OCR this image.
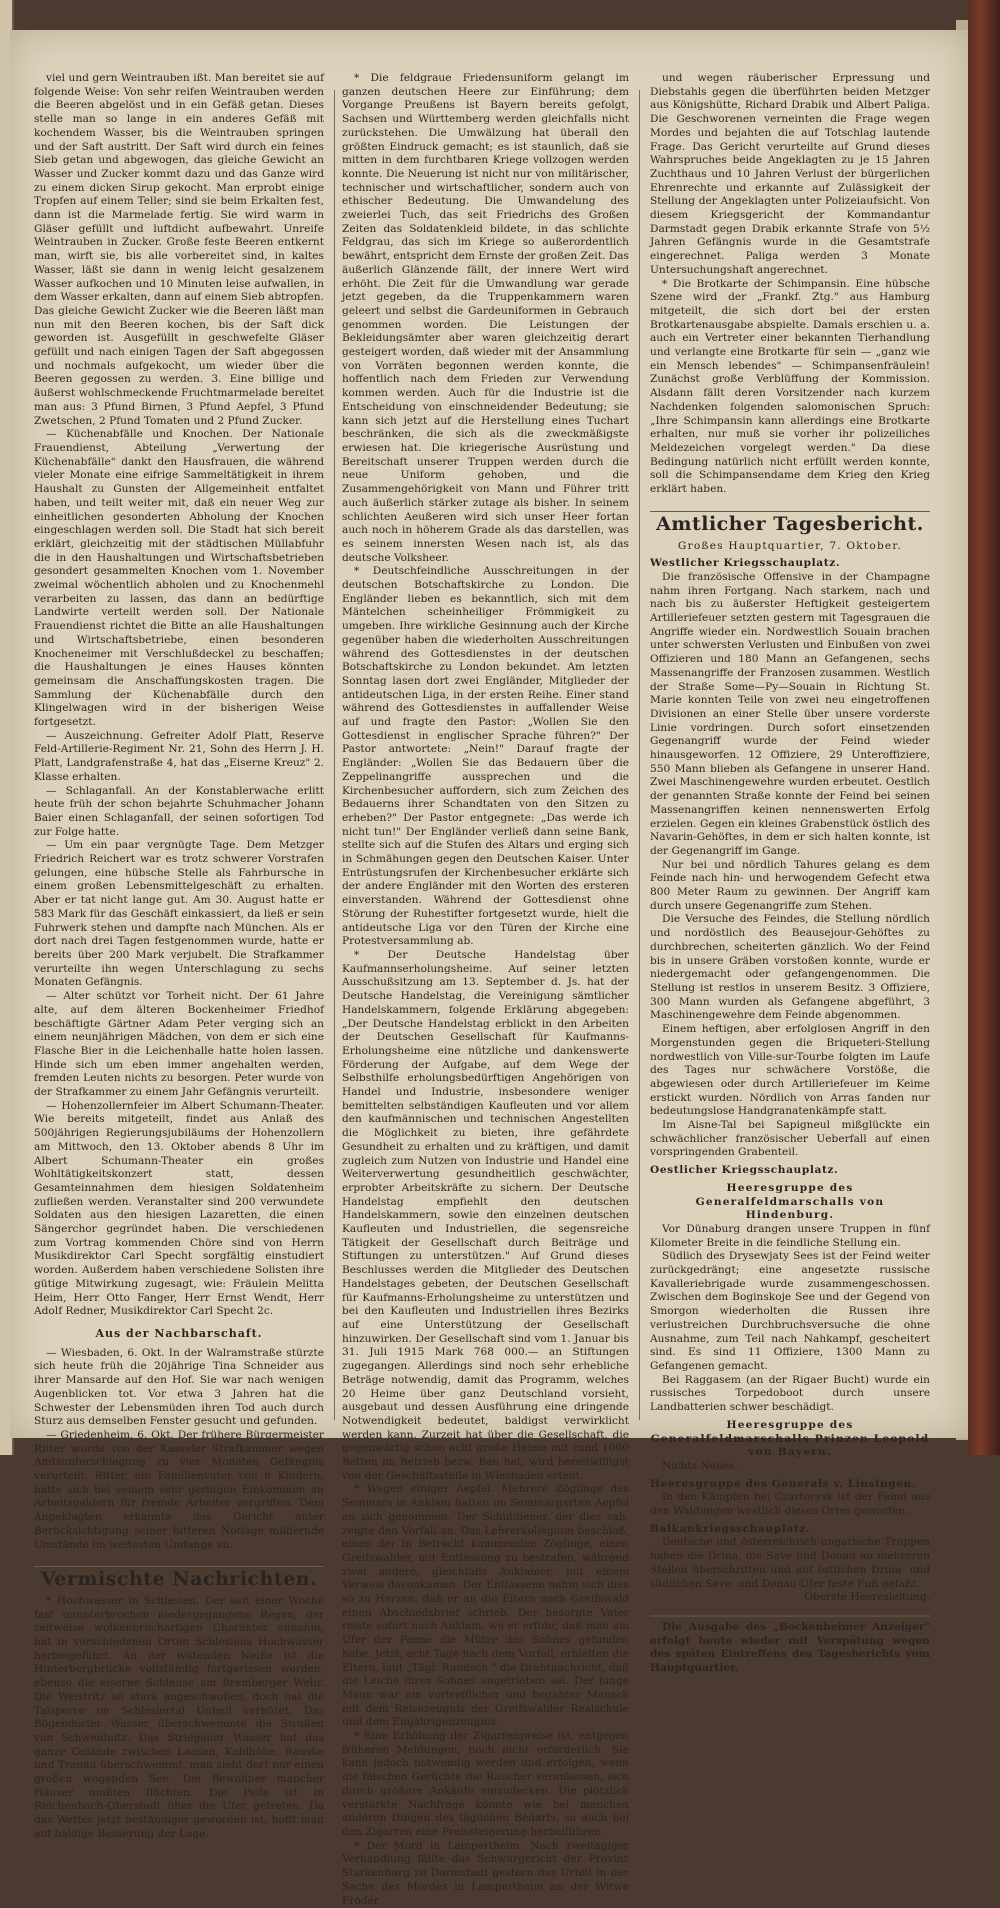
viel und gern Weintrauben ißt. Man bereitet sie auf folgende Weise: Von sehr reifen Weintrauben werden die Beeren abgelöst und in ein Gefäß getan. Dieses stelle man so lange in ein anderes Gefäß mit kochendem Wasser, bis die Weintrauben springen und der Saft austritt. Der Saft wird durch ein feines Sieb getan und abgewogen, das gleiche Gewicht an Wasser und Zucker kommt dazu und das Ganze wird zu einem dicken Sirup gekocht. Man erprobt einige Tropfen auf einem Teller; sind sie beim Erkalten fest, dann ist die Marmelade fertig. Sie wird warm in Gläser gefüllt und luftdicht aufbewahrt. Unreife Weintrauben in Zucker. Große feste Beeren entkernt man, wirft sie, bis alle vorbereitet sind, in kaltes Wasser, läßt sie dann in wenig leicht gesalzenem Wasser aufkochen und 10 Minuten leise aufwallen, in dem Wasser erkalten, dann auf einem Sieb abtropfen. Das gleiche Gewicht Zucker wie die Beeren läßt man nun mit den Beeren kochen, bis der Saft dick geworden ist. Ausgefüllt in geschwefelte Gläser gefüllt und nach einigen Tagen der Saft abgegossen und nochmals aufgekocht, um wieder über die Beeren gegossen zu werden. 3. Eine billige und äußerst wohlschmeckende Fruchtmarmelade bereitet man aus: 3 Pfund Birnen, 3 Pfund Aepfel, 3 Pfund Zwetschen, 2 Pfund Tomaten und 2 Pfund Zucker.

— Küchenabfälle und Knochen. Der Nationale Frauendienst, Abteilung „Verwertung der Küchenabfälle" dankt den Hausfrauen, die während vieler Monate eine eifrige Sammeltätigkeit in ihrem Haushalt zu Gunsten der Allgemeinheit entfaltet haben, und teilt weiter mit, daß ein neuer Weg zur einheitlichen gesonderten Abholung der Knochen eingeschlagen werden soll. Die Stadt hat sich bereit erklärt, gleichzeitig mit der städtischen Müllabfuhr die in den Haushaltungen und Wirtschaftsbetrieben gesondert gesammelten Knochen vom 1. November zweimal wöchentlich abholen und zu Knochenmehl verarbeiten zu lassen, das dann an bedürftige Landwirte verteilt werden soll. Der Nationale Frauendienst richtet die Bitte an alle Haushaltungen und Wirtschaftsbetriebe, einen besonderen Knocheneimer mit Verschlußdeckel zu beschaffen; die Haushaltungen je eines Hauses könnten gemeinsam die Anschaffungskosten tragen. Die Sammlung der Küchenabfälle durch den Klingelwagen wird in der bisherigen Weise fortgesetzt.

— Auszeichnung. Gefreiter Adolf Platt, Reserve Feld-Artillerie-Regiment Nr. 21, Sohn des Herrn J. H. Platt, Landgrafenstraße 4, hat das „Eiserne Kreuz" 2. Klasse erhalten.

— Schlaganfall. An der Konstablerwache erlitt heute früh der schon bejahrte Schuhmacher Johann Baier einen Schlaganfall, der seinen sofortigen Tod zur Folge hatte.

— Um ein paar vergnügte Tage. Dem Metzger Friedrich Reichert war es trotz schwerer Vorstrafen gelungen, eine hübsche Stelle als Fahrbursche in einem großen Lebensmittelgeschäft zu erhalten. Aber er tat nicht lange gut. Am 30. August hatte er 583 Mark für das Geschäft einkassiert, da ließ er sein Fuhrwerk stehen und dampfte nach München. Als er dort nach drei Tagen festgenommen wurde, hatte er bereits über 200 Mark verjubelt. Die Strafkammer verurteilte ihn wegen Unterschlagung zu sechs Monaten Gefängnis.

— Alter schützt vor Torheit nicht. Der 61 Jahre alte, auf dem älteren Bockenheimer Friedhof beschäftigte Gärtner Adam Peter verging sich an einem neunjährigen Mädchen, von dem er sich eine Flasche Bier in die Leichenhalle hatte holen lassen. Hinde sich um eben immer angehalten werden, fremden Leuten nichts zu besorgen. Peter wurde von der Strafkammer zu einem Jahr Gefängnis verurteilt.

— Hohenzollernfeier im Albert Schumann-Theater. Wie bereits mitgeteilt, findet aus Anlaß des 500jährigen Regierungsjubiläums der Hohenzollern am Mittwoch, den 13. Oktober abends 8 Uhr im Albert Schumann-Theater ein großes Wohltätigkeitskonzert statt, dessen Gesamteinnahmen dem hiesigen Soldatenheim zufließen werden. Veranstalter sind 200 verwundete Soldaten aus den hiesigen Lazaretten, die einen Sängerchor gegründet haben. Die verschiedenen zum Vortrag kommenden Chöre sind von Herrn Musikdirektor Carl Specht sorgfältig einstudiert worden. Außerdem haben verschiedene Solisten ihre gütige Mitwirkung zugesagt, wie: Fräulein Melitta Heim, Herr Otto Fanger, Herr Ernst Wendt, Herr Adolf Redner, Musikdirektor Carl Specht 2c.

Aus der Nachbarschaft.

— Wiesbaden, 6. Okt. In der Walramstraße stürzte sich heute früh die 20jährige Tina Schneider aus ihrer Mansarde auf den Hof. Sie war nach wenigen Augenblicken tot. Vor etwa 3 Jahren hat die Schwester der Lebensmüden ihren Tod auch durch Sturz aus demselben Fenster gesucht und gefunden.

— Griedenheim, 6. Okt. Der frühere Bürgermeister Ritter wurde von der Kasseler Strafkammer wegen Amtsunterschlagung zu vier Monaten Gefängnis verurteilt. Ritter, ein Familienvater von 8 Kindern, hatte sich bei seinem sehr geringen Einkommen an Arbeitsgeldern für fremde Arbeiter vergriffen. Dem Angeklagten erkannte das Gericht unter Berücksichtigung seiner bitteren Notlage mildernde Umstände im weitesten Umfange zu.

Vermischte Nachrichten.

* Hochwasser in Schlesien. Der seit einer Woche fast ununterbrochen niedergegangene Regen, der zeitweise wolkenbruchartigen Charakter annahm, hat in verschiedenen Orten Schlesiens Hochwasser herbeigeführt. An der wütenden Neiße ist die Hinterbergbrücke vollständig fortgerissen worden, ebenso die eiserne Schleuse am Bremberger Wehr. Die Weistritz ist stark angeschwollen, doch hat die Talsperre im Schlesiertal Unheil verhütet. Das Bögendorfer Wasser überschwemmte die Straßen von Schweidnitz. Das Striegauer Wasser hat das ganze Gelände zwischen Laasan, Kohlhöhe, Rauske und Tranau überschwemmt, man sieht dort nur einen großen wogenden See. Die Bewohner mancher Häuser mußten flüchten. Die Peile ist in Reichenbach-Oberstadt über die Ufer getreten. Da das Wetter jetzt beständiger geworden ist, hofft man auf baldige Besserung der Lage.

* Die feldgraue Friedensuniform gelangt im ganzen deutschen Heere zur Einführung; dem Vorgange Preußens ist Bayern bereits gefolgt, Sachsen und Württemberg werden gleichfalls nicht zurückstehen. Die Umwälzung hat überall den größten Eindruck gemacht; es ist staunlich, daß sie mitten in dem furchtbaren Kriege vollzogen werden konnte. Die Neuerung ist nicht nur von militärischer, technischer und wirtschaftlicher, sondern auch von ethischer Bedeutung. Die Umwandelung des zweierlei Tuch, das seit Friedrichs des Großen Zeiten das Soldatenkleid bildete, in das schlichte Feldgrau, das sich im Kriege so außerordentlich bewährt, entspricht dem Ernste der großen Zeit. Das äußerlich Glänzende fällt, der innere Wert wird erhöht. Die Zeit für die Umwandlung war gerade jetzt gegeben, da die Truppenkammern waren geleert und selbst die Gardeuniformen in Gebrauch genommen worden. Die Leistungen der Bekleidungsämter aber waren gleichzeitig derart gesteigert worden, daß wieder mit der Ansammlung von Vorräten begonnen werden konnte, die hoffentlich nach dem Frieden zur Verwendung kommen werden. Auch für die Industrie ist die Entscheidung von einschneidender Bedeutung; sie kann sich jetzt auf die Herstellung eines Tuchart beschränken, die sich als die zweckmäßigste erwiesen hat. Die kriegerische Ausrüstung und Bereitschaft unserer Truppen werden durch die neue Uniform gehoben, und die Zusammengehörigkeit von Mann und Führer tritt auch äußerlich stärker zutage als bisher. In seinem schlichten Aeußeren wird sich unser Heer fortan auch noch in höherem Grade als das darstellen, was es seinem innersten Wesen nach ist, als das deutsche Volksheer.

* Deutschfeindliche Ausschreitungen in der deutschen Botschaftskirche zu London. Die Engländer lieben es bekanntlich, sich mit dem Mäntelchen scheinheiliger Frömmigkeit zu umgeben. Ihre wirkliche Gesinnung auch der Kirche gegenüber haben die wiederholten Ausschreitungen während des Gottesdienstes in der deutschen Botschaftskirche zu London bekundet. Am letzten Sonntag lasen dort zwei Engländer, Mitglieder der antideutschen Liga, in der ersten Reihe. Einer stand während des Gottesdienstes in auffallender Weise auf und fragte den Pastor: „Wollen Sie den Gottesdienst in englischer Sprache führen?" Der Pastor antwortete: „Nein!" Darauf fragte der Engländer: „Wollen Sie das Bedauern über die Zeppelinangriffe aussprechen und die Kirchenbesucher auffordern, sich zum Zeichen des Bedauerns ihrer Schandtaten von den Sitzen zu erheben?" Der Pastor entgegnete: „Das werde ich nicht tun!" Der Engländer verließ dann seine Bank, stellte sich auf die Stufen des Altars und erging sich in Schmähungen gegen den Deutschen Kaiser. Unter Entrüstungsrufen der Kirchenbesucher erklärte sich der andere Engländer mit den Worten des ersteren einverstanden. Während der Gottesdienst ohne Störung der Ruhestifter fortgesetzt wurde, hielt die antideutsche Liga vor den Türen der Kirche eine Protestversammlung ab.

* Der Deutsche Handelstag über Kaufmannserholungsheime. Auf seiner letzten Ausschußsitzung am 13. September d. Js. hat der Deutsche Handelstag, die Vereinigung sämtlicher Handelskammern, folgende Erklärung abgegeben: „Der Deutsche Handelstag erblickt in den Arbeiten der Deutschen Gesellschaft für Kaufmanns-Erholungsheime eine nützliche und dankenswerte Förderung der Aufgabe, auf dem Wege der Selbsthilfe erholungsbedürftigen Angehörigen von Handel und Industrie, insbesondere weniger bemittelten selbständigen Kaufleuten und vor allem den kaufmännischen und technischen Angestellten die Möglichkeit zu bieten, ihre gefährdete Gesundheit zu erhalten und zu kräftigen, und damit zugleich zum Nutzen von Industrie und Handel eine Weiterverwertung gesundheitlich geschwächter, erprobter Arbeitskräfte zu sichern. Der Deutsche Handelstag empfiehlt den deutschen Handelskammern, sowie den einzelnen deutschen Kaufleuten und Industriellen, die segensreiche Tätigkeit der Gesellschaft durch Beiträge und Stiftungen zu unterstützen." Auf Grund dieses Beschlusses werden die Mitglieder des Deutschen Handelstages gebeten, der Deutschen Gesellschaft für Kaufmanns-Erholungsheime zu unterstützen und bei den Kaufleuten und Industriellen ihres Bezirks auf eine Unterstützung der Gesellschaft hinzuwirken. Der Gesellschaft sind vom 1. Januar bis 31. Juli 1915 Mark 768 000.— an Stiftungen zugegangen. Allerdings sind noch sehr erhebliche Beträge notwendig, damit das Programm, welches 20 Heime über ganz Deutschland vorsieht, ausgebaut und dessen Ausführung eine dringende Notwendigkeit bedeutet, baldigst verwirklicht werden kann. Zurzeit hat über die Gesellschaft, die gegenwärtig schon acht große Heime mit rund 1000 Betten im Betrieb bezw. Bau hat, wird bereitwilligst von der Geschäftsstelle in Wiesbaden erteilt.

* Wegen einiger Aepfel. Mehrere Zöglinge des Seminars in Anklam hatten im Seminargarten Aepfel an sich genommen. Der Schuldiener, der dies sah, zeigte den Vorfall an. Das Lehrerkollegium beschloß, einen der in Betracht kommenden Zöglinge, einen Greifswalder, mit Entlassung zu bestrafen, während zwei andere, gleichfalls Anklamer, mit einem Verweis davonkamen. Der Entlassene nahm sich dies so zu Herzen, daß er an die Eltern nach Greifswald einen Abschiedsbrief schrieb. Der besorgte Vater reiste sofort nach Anklam, wo er erfuhr, daß man am Ufer der Peene die Mütze des Sohnes gefunden habe. Jetzt, acht Tage nach dem Vorfall, erhielten die Eltern, laut „Tägl. Rundsch." die Drahtnachricht, daß die Leiche ihres Sohnes angetrieben sei. Der junge Mann war ein vortrefflicher und begabter Mensch mit dem Reisezeugnis der Greifswalder Realschule und dem Einjährigenzeugnis.

* Eine Erhöhung der Zigarrenpreise ist, entgegen früheren Meldungen, noch nicht erforderlich. Sie kann jedoch notwendig werden und erfolgen, wenn die falschen Gerüchte die Raucher veranlassen, sich durch größere Ankäufe einzudecken. Die plötzlich verstärkte Nachfrage könnte wie bei manchen anderen Dingen des täglichen Bedarfs, so auch bei den Zigarren eine Preissteigerung herbeiführen.

* Der Mord in Lampertheim. Nach zweitägiger Verhandlung fällte das Schwurgericht der Provinz Starkenburg zu Darmstadt gestern das Urteil in der Sache des Mordes in Lampertheim an der Witwe Fröder

und wegen räuberischer Erpressung und Diebstahls gegen die überführten beiden Metzger aus Königshütte, Richard Drabik und Albert Paliga. Die Geschworenen verneinten die Frage wegen Mordes und bejahten die auf Totschlag lautende Frage. Das Gericht verurteilte auf Grund dieses Wahrspruches beide Angeklagten zu je 15 Jahren Zuchthaus und 10 Jahren Verlust der bürgerlichen Ehrenrechte und erkannte auf Zulässigkeit der Stellung der Angeklagten unter Polizeiaufsicht. Von diesem Kriegsgericht der Kommandantur Darmstadt gegen Drabik erkannte Strafe von 5½ Jahren Gefängnis wurde in die Gesamtstrafe eingerechnet. Paliga werden 3 Monate Untersuchungshaft angerechnet.

* Die Brotkarte der Schimpansin. Eine hübsche Szene wird der „Frankf. Ztg." aus Hamburg mitgeteilt, die sich dort bei der ersten Brotkartenausgabe abspielte. Damals erschien u. a. auch ein Vertreter einer bekannten Tierhandlung und verlangte eine Brotkarte für sein — „ganz wie ein Mensch lebendes" — Schimpansenfräulein! Zunächst große Verblüffung der Kommission. Alsdann fällt deren Vorsitzender nach kurzem Nachdenken folgenden salomonischen Spruch: „Ihre Schimpansin kann allerdings eine Brotkarte erhalten, nur muß sie vorher ihr polizeiliches Meldezeichen vorgelegt werden." Da diese Bedingung natürlich nicht erfüllt werden konnte, soll die Schimpansendame dem Krieg den Krieg erklärt haben.

Amtlicher Tagesbericht.

Großes Hauptquartier, 7. Oktober.

Westlicher Kriegsschauplatz.

Die französische Offensive in der Champagne nahm ihren Fortgang. Nach starkem, nach und nach bis zu äußerster Heftigkeit gesteigertem Artilleriefeuer setzten gestern mit Tagesgrauen die Angriffe wieder ein. Nordwestlich Souain brachen unter schwersten Verlusten und Einbußen von zwei Offizieren und 180 Mann an Gefangenen, sechs Massenangriffe der Franzosen zusammen. Westlich der Straße Some—Py—Souain in Richtung St. Marie konnten Teile von zwei neu eingetroffenen Divisionen an einer Stelle über unsere vorderste Linie vordringen. Durch sofort einsetzenden Gegenangriff wurde der Feind wieder hinausgeworfen. 12 Offiziere, 29 Unteroffiziere, 550 Mann blieben als Gefangene in unserer Hand. Zwei Maschinengewehre wurden erbeutet. Oestlich der genannten Straße konnte der Feind bei seinen Massenangriffen keinen nennenswerten Erfolg erzielen. Gegen ein kleines Grabenstück östlich des Navarin-Gehöftes, in dem er sich halten konnte, ist der Gegenangriff im Gange.

Nur bei und nördlich Tahures gelang es dem Feinde nach hin- und herwogendem Gefecht etwa 800 Meter Raum zu gewinnen. Der Angriff kam durch unsere Gegenangriffe zum Stehen.

Die Versuche des Feindes, die Stellung nördlich und nordöstlich des Beausejour-Gehöftes zu durchbrechen, scheiterten gänzlich. Wo der Feind bis in unsere Gräben vorstoßen konnte, wurde er niedergemacht oder gefangengenommen. Die Stellung ist restlos in unserem Besitz. 3 Offiziere, 300 Mann wurden als Gefangene abgeführt, 3 Maschinengewehre dem Feinde abgenommen.

Einem heftigen, aber erfolglosen Angriff in den Morgenstunden gegen die Briqueteri-Stellung nordwestlich von Ville-sur-Tourbe folgten im Laufe des Tages nur schwächere Vorstöße, die abgewiesen oder durch Artilleriefeuer im Keime erstickt wurden. Nördlich von Arras fanden nur bedeutungslose Handgranatenkämpfe statt.

Im Aisne-Tal bei Sapigneul mißglückte ein schwächlicher französischer Ueberfall auf einen vorspringenden Grabenteil.

Oestlicher Kriegsschauplatz.

Heeresgruppe des Generalfeldmarschalls von Hindenburg.

Vor Dünaburg drangen unsere Truppen in fünf Kilometer Breite in die feindliche Stellung ein.

Südlich des Drysewjaty Sees ist der Feind weiter zurückgedrängt; eine angesetzte russische Kavalleriebrigade wurde zusammengeschossen. Zwischen dem Boginskoje See und der Gegend von Smorgon wiederholten die Russen ihre verlustreichen Durchbruchsversuche die ohne Ausnahme, zum Teil nach Nahkampf, gescheitert sind. Es sind 11 Offiziere, 1300 Mann zu Gefangenen gemacht.

Bei Raggasem (an der Rigaer Bucht) wurde ein russisches Torpedoboot durch unsere Landbatterien schwer beschädigt.

Heeresgruppe des Generalfeldmarschalls Prinzen Leopold von Bayern.

Nichts Neues.

Heeresgruppe des Generals v. Linsingen.

In den Kämpfen bei Czartorysk ist der Feind aus den Waldungen westlich dieses Ortes geworfen.

Balkankriegsschauplatz.

Deutsche und österreichisch-ungarische Truppen haben die Drina, die Save und Donau an mehreren Stellen überschritten und auf östlichen Drina- und südlichen Save- und Donau-Ufer feste Fuß gefaßt.

Oberste Heeresleitung.

Die Ausgabe des „Bockenheimer Anzeiger" erfolgt heute wieder mit Verspätung wegen des späten Eintreffens des Tagesberichts vom Hauptquartier.
